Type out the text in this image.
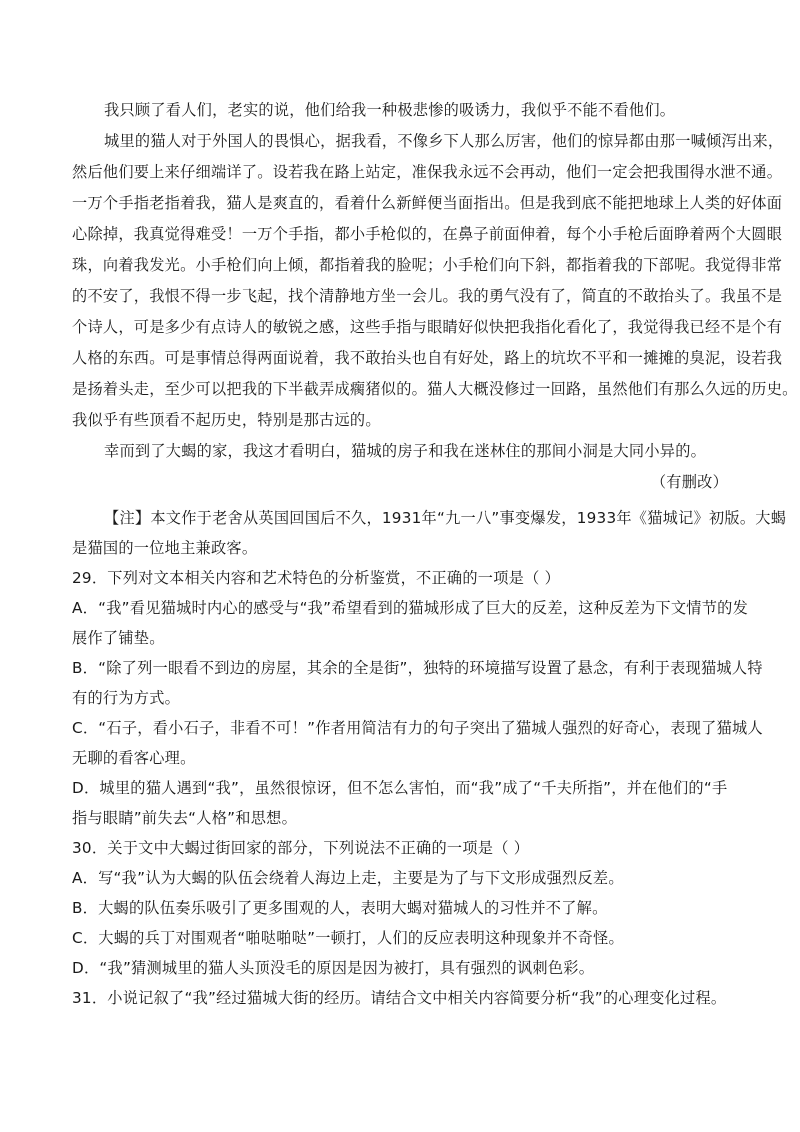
我只顾了看人们，老实的说，他们给我一种极悲惨的吸诱力，我似乎不能不看他们。
城里的猫人对于外国人的畏惧心，据我看，不像乡下人那么厉害，他们的惊异都由那一喊倾泻出来，
然后他们要上来仔细端详了。设若我在路上站定，准保我永远不会再动，他们一定会把我围得水泄不通。
一万个手指老指着我，猫人是爽直的，看着什么新鲜便当面指出。但是我到底不能把地球上人类的好体面
心除掉，我真觉得难受！一万个手指，都小手枪似的，在鼻子前面伸着，每个小手枪后面睁着两个大圆眼
珠，向着我发光。小手枪们向上倾，都指着我的脸呢；小手枪们向下斜，都指着我的下部呢。我觉得非常
的不安了，我恨不得一步飞起，找个清静地方坐一会儿。我的勇气没有了，简直的不敢抬头了。我虽不是
个诗人，可是多少有点诗人的敏锐之感，这些手指与眼睛好似快把我指化看化了，我觉得我已经不是个有
人格的东西。可是事情总得两面说着，我不敢抬头也自有好处，路上的坑坎不平和一摊摊的臭泥，设若我
是扬着头走，至少可以把我的下半截弄成瘸猪似的。猫人大概没修过一回路，虽然他们有那么久远的历史。
我似乎有些顶看不起历史，特别是那古远的。
幸而到了大蝎的家，我这才看明白，猫城的房子和我在迷林住的那间小洞是大同小异的。
（有删改）
【注】本文作于老舍从英国回国后不久，1931年“九一八”事变爆发，1933年《猫城记》初版。大蝎
是猫国的一位地主兼政客。
29．下列对文本相关内容和艺术特色的分析鉴赏，不正确的一项是（ ）
A．“我”看见猫城时内心的感受与“我”希望看到的猫城形成了巨大的反差，这种反差为下文情节的发
展作了铺垫。
B．“除了列一眼看不到边的房屋，其余的全是街”，独特的环境描写设置了悬念，有利于表现猫城人特
有的行为方式。
C．“石子，看小石子，非看不可！”作者用简洁有力的句子突出了猫城人强烈的好奇心，表现了猫城人
无聊的看客心理。
D．城里的猫人遇到“我”，虽然很惊讶，但不怎么害怕，而“我”成了“千夫所指”，并在他们的“手
指与眼睛”前失去“人格”和思想。
30．关于文中大蝎过街回家的部分，下列说法不正确的一项是（ ）
A．写“我”认为大蝎的队伍会绕着人海边上走，主要是为了与下文形成强烈反差。
B．大蝎的队伍奏乐吸引了更多围观的人，表明大蝎对猫城人的习性并不了解。
C．大蝎的兵丁对围观者“啪哒啪哒”一顿打，人们的反应表明这种现象并不奇怪。
D．“我”猜测城里的猫人头顶没毛的原因是因为被打，具有强烈的讽刺色彩。
31．小说记叙了“我”经过猫城大街的经历。请结合文中相关内容简要分析“我”的心理变化过程。
